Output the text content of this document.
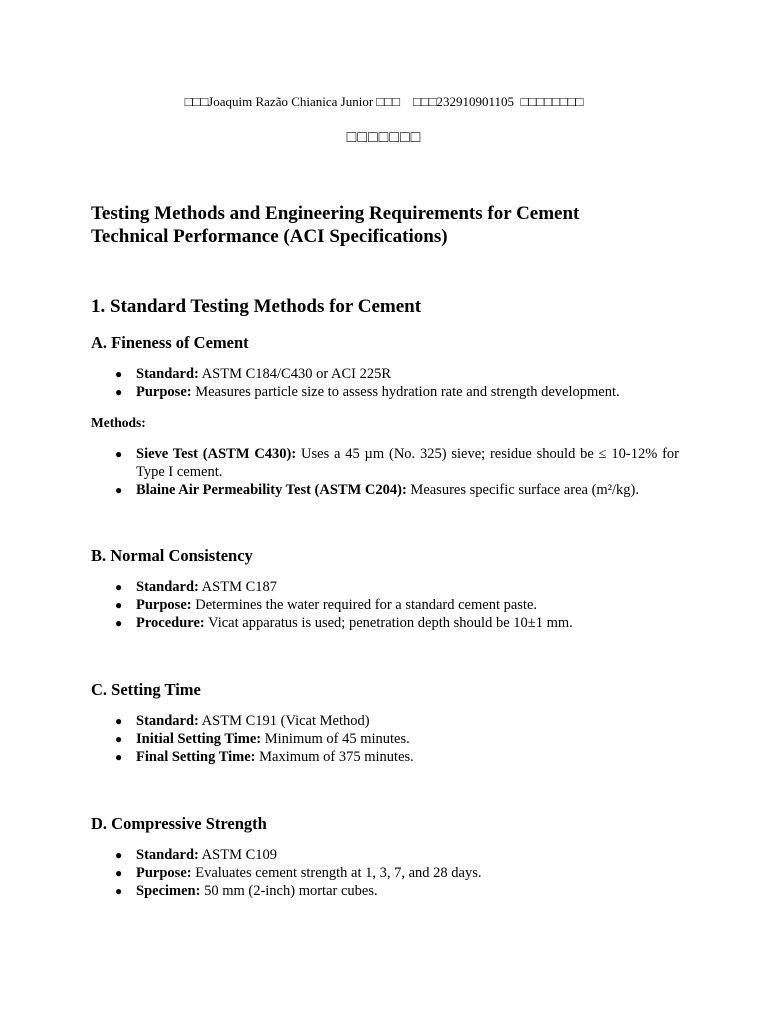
□□□Joaquim Razão Chianica Junior □□□    □□□232910901105  □□□□□□□□
□□□□□□□
Testing Methods and Engineering Requirements for Cement Technical Performance (ACI Specifications)
1. Standard Testing Methods for Cement
A. Fineness of Cement
● Standard: ASTM C184/C430 or ACI 225R
● Purpose: Measures particle size to assess hydration rate and strength development.

Methods:

● Sieve Test (ASTM C430): Uses a 45 µm (No. 325) sieve; residue should be ≤ 10-12% for Type I cement.
● Blaine Air Permeability Test (ASTM C204): Measures specific surface area (m²/kg).
B. Normal Consistency
● Standard: ASTM C187
● Purpose: Determines the water required for a standard cement paste.
● Procedure: Vicat apparatus is used; penetration depth should be 10±1 mm.
C. Setting Time
● Standard: ASTM C191 (Vicat Method)
● Initial Setting Time: Minimum of 45 minutes.
● Final Setting Time: Maximum of 375 minutes.
D. Compressive Strength
● Standard: ASTM C109
● Purpose: Evaluates cement strength at 1, 3, 7, and 28 days.
● Specimen: 50 mm (2-inch) mortar cubes.
